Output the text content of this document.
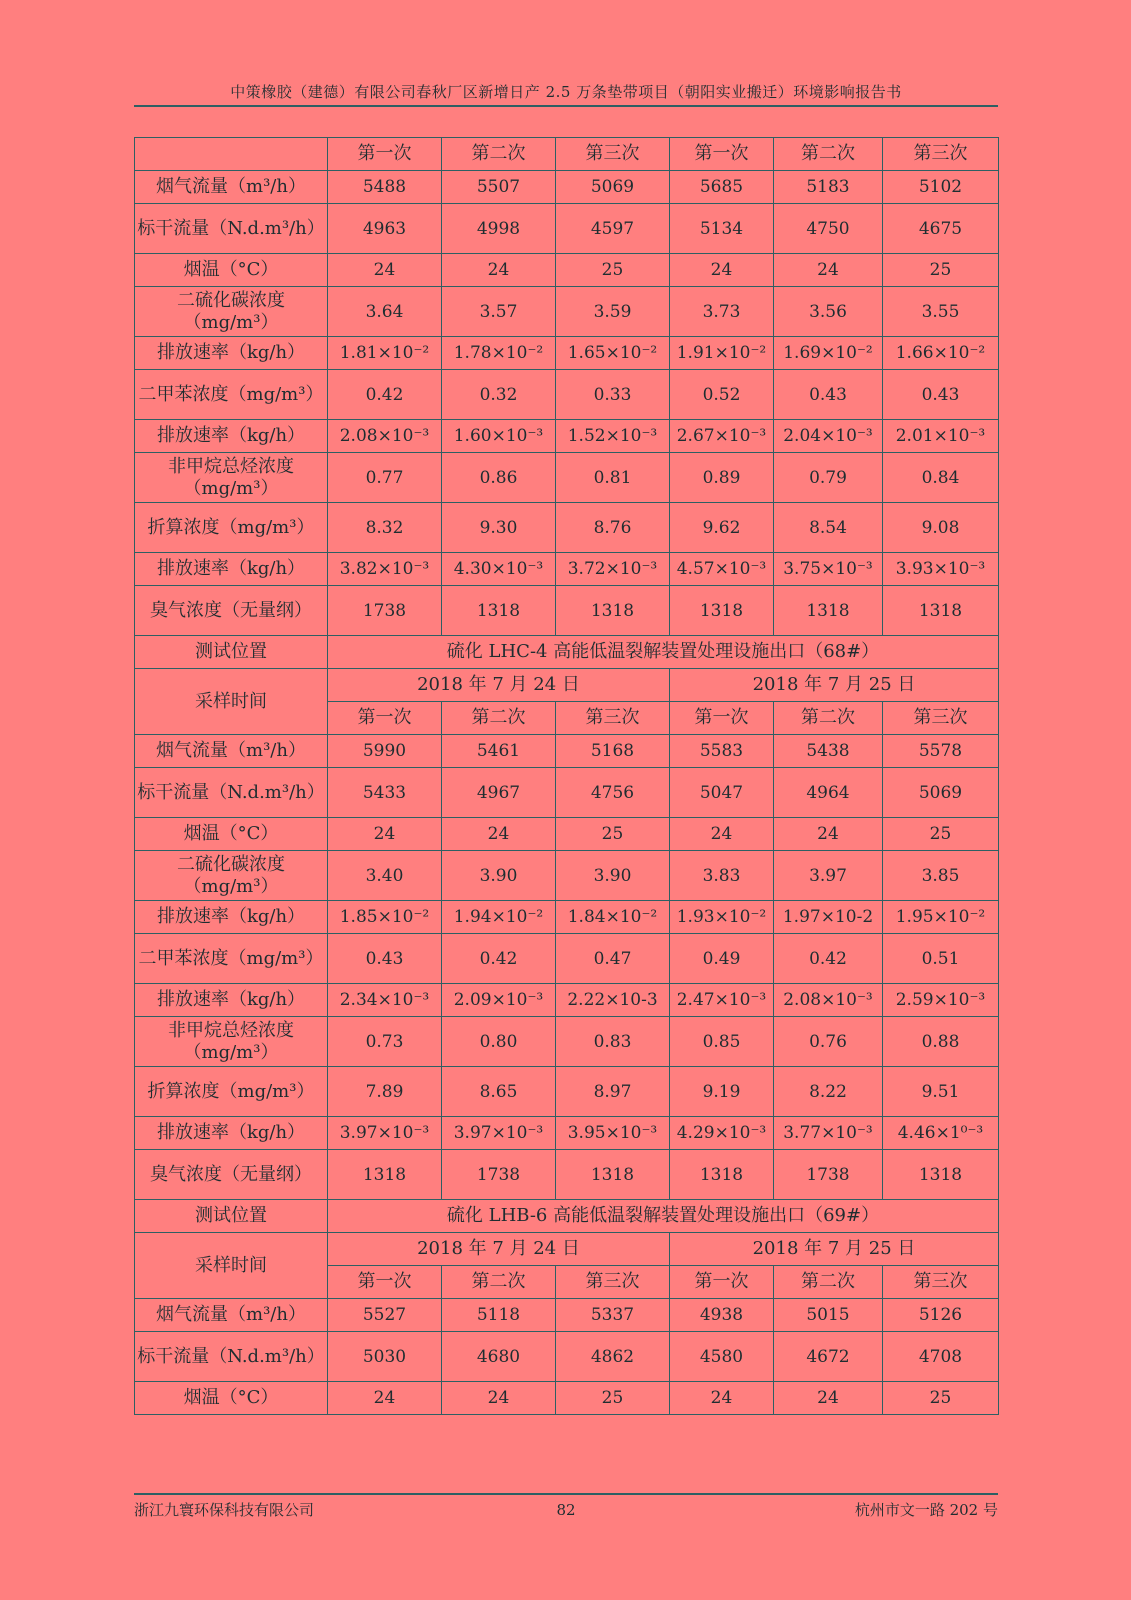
中策橡胶（建德）有限公司春秋厂区新增日产 2.5 万条垫带项目（朝阳实业搬迁）环境影响报告书
	第一次	第二次	第三次	第一次	第二次	第三次
烟气流量（m³/h）	5488	5507	5069	5685	5183	5102
标干流量（N.d.m³/h）	4963	4998	4597	5134	4750	4675
烟温（°C）	24	24	25	24	24	25
二硫化碳浓度（mg/m³）	3.64	3.57	3.59	3.73	3.56	3.55
排放速率（kg/h）	1.81×10⁻²	1.78×10⁻²	1.65×10⁻²	1.91×10⁻²	1.69×10⁻²	1.66×10⁻²
二甲苯浓度（mg/m³）	0.42	0.32	0.33	0.52	0.43	0.43
排放速率（kg/h）	2.08×10⁻³	1.60×10⁻³	1.52×10⁻³	2.67×10⁻³	2.04×10⁻³	2.01×10⁻³
非甲烷总烃浓度（mg/m³）	0.77	0.86	0.81	0.89	0.79	0.84
折算浓度（mg/m³）	8.32	9.30	8.76	9.62	8.54	9.08
排放速率（kg/h）	3.82×10⁻³	4.30×10⁻³	3.72×10⁻³	4.57×10⁻³	3.75×10⁻³	3.93×10⁻³
臭气浓度（无量纲）	1738	1318	1318	1318	1318	1318
测试位置	硫化 LHC-4 高能低温裂解装置处理设施出口（68#）					
采样时间	2018 年 7 月 24 日			2018 年 7 月 25 日		
	第一次	第二次	第三次	第一次	第二次	第三次
烟气流量（m³/h）	5990	5461	5168	5583	5438	5578
标干流量（N.d.m³/h）	5433	4967	4756	5047	4964	5069
烟温（°C）	24	24	25	24	24	25
二硫化碳浓度（mg/m³）	3.40	3.90	3.90	3.83	3.97	3.85
排放速率（kg/h）	1.85×10⁻²	1.94×10⁻²	1.84×10⁻²	1.93×10⁻²	1.97×10-2	1.95×10⁻²
二甲苯浓度（mg/m³）	0.43	0.42	0.47	0.49	0.42	0.51
排放速率（kg/h）	2.34×10⁻³	2.09×10⁻³	2.22×10-3	2.47×10⁻³	2.08×10⁻³	2.59×10⁻³
非甲烷总烃浓度（mg/m³）	0.73	0.80	0.83	0.85	0.76	0.88
折算浓度（mg/m³）	7.89	8.65	8.97	9.19	8.22	9.51
排放速率（kg/h）	3.97×10⁻³	3.97×10⁻³	3.95×10⁻³	4.29×10⁻³	3.77×10⁻³	4.46×1⁰⁻³
臭气浓度（无量纲）	1318	1738	1318	1318	1738	1318
测试位置	硫化 LHB-6 高能低温裂解装置处理设施出口（69#）					
采样时间	2018 年 7 月 24 日			2018 年 7 月 25 日		
	第一次	第二次	第三次	第一次	第二次	第三次
烟气流量（m³/h）	5527	5118	5337	4938	5015	5126
标干流量（N.d.m³/h）	5030	4680	4862	4580	4672	4708
烟温（°C）	24	24	25	24	24	25
浙江九寰环保科技有限公司	82	杭州市文一路 202 号
